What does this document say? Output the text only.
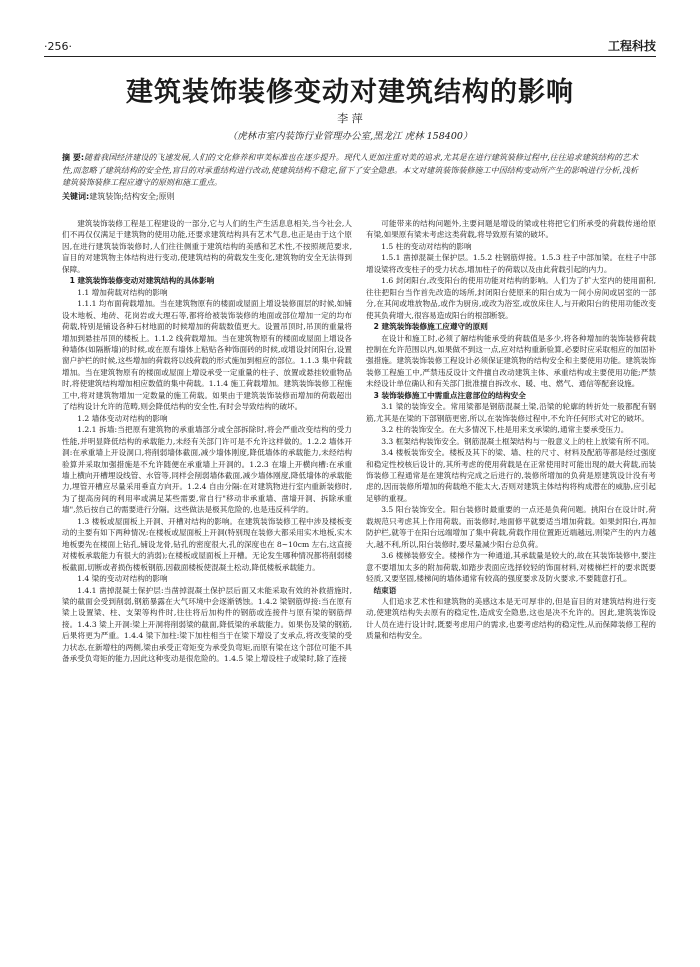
·256·	工程科技
建筑装饰装修变动对建筑结构的影响
李 萍
（虎林市室内装饰行业管理办公室,黑龙江 虎林 158400）
摘 要:随着我国经济建设的飞速发展,人们的文化修养和审美标准也在逐步提升。现代人更加注重对美的追求,尤其是在进行建筑装修过程中,往往追求建筑结构的艺术性,而忽略了建筑结构的安全性,盲目的对承重结构进行改动,使建筑结构不稳定,留下了安全隐患。本文对建筑装饰装修施工中因结构变动所产生的影响进行分析,浅析建筑装饰装修工程应遵守的原则和施工重点。
关键词:建筑装饰;结构安全;原则

建筑装饰装修工程是工程建设的一部分,它与人们的生产生活息息相关,当今社会,人们不再仅仅满足于建筑物的使用功能,还要求建筑结构具有艺术气息,也正是由于这个原因,在进行建筑装饰装修时,人们往往侧重于建筑结构的美感和艺术性,不按照规范要求,盲目的对建筑物主体结构进行变动,使建筑结构的荷载发生变化,建筑物的安全无法得到保障。

1 建筑装饰装修变动对建筑结构的具体影响

1.1 增加荷载对结构的影响

1.1.1 均布面荷载增加。当在建筑物原有的楼面或屋面上增设装修面层的时候,如铺设木地板、地砖、花岗岩或大理石等,都将给被装饰装修的地面或部位增加一定的均布荷载,特别是铺设各种石材地面的时候增加的荷载数值更大。设置吊顶时,吊顶的重量将增加到悬挂吊顶的楼板上。1.1.2 线荷载增加。当在建筑物原有的楼面或屋面上增设各种墙体(如隔断墙)的时候,或在原有墙体上粘贴各种饰面砖的时候,或增设封闭阳台,设置窗户护栏的时候,这些增加的荷载将以线荷载的形式施加到相应的部位。1.1.3 集中荷载增加。当在建筑物原有的楼面或屋面上增设承受一定重量的柱子、放置或悬挂较重物品时,将使建筑结构增加相应数值的集中荷载。1.1.4 施工荷载增加。建筑装饰装修工程施工中,将对建筑物增加一定数量的施工荷载。如果由于建筑装饰装修而增加的荷载超出了结构设计允许的范畴,则会降低结构的安全性,有时会导致结构的破坏。

1.2 墙体变动对结构的影响

1.2.1 拆墙:当把原有建筑物的承重墙部分或全部拆除时,将会严重改变结构的受力性能,并明显降低结构的承载能力,未经有关部门许可是不允许这样做的。1.2.2 墙体开洞:在承重墙上开设洞口,将削弱墙体截面,减少墙体刚度,降低墙体的承载能力,未经结构验算并采取加强措施是不允许随便在承重墙上开洞的。1.2.3 在墙上开横向槽:在承重墙上横向开槽埋设线管、水管等,同样会削弱墙体截面,减少墙体刚度,降低墙体的承载能力,埋管开槽应尽量采用垂直方向开。1.2.4 自由分隔:在对建筑物进行室内重新装修时,为了提高房间的利用率或满足某些需要,常自行"移动非承重墙、凿墙开洞、拆除承重墙",然后按自己的需要进行分隔。这些做法是极其危险的,也是违反科学的。

1.3 楼板或屋面板上开洞、开槽对结构的影响。在建筑装饰装修工程中涉及楼板变动的主要有如下两种情况:在楼板或屋面板上开洞(特别现在装修大都采用实木地板,实木地板要先在楼面上钻孔,铺设龙骨,钻孔的密度很大,孔的深度也在 8~10cm 左右,这直接对楼板承载能力有很大的消弱);在楼板或屋面板上开槽。无论发生哪种情况都将削弱楼板截面,切断或者损伤楼板钢筋,因截面楼板使混凝土松动,降低楼板承载能力。

1.4 梁的变动对结构的影响

1.4.1 凿掉混凝土保护层:当凿掉混凝土保护层后面又未能采取有效的补救措施时,梁的截面会受到削弱,钢筋暴露在大气环境中会逐渐锈蚀。1.4.2 梁钢筋焊接:当在原有梁上设置梁、柱、支架等构件时,往往将后加构件的钢筋或连接件与原有梁的钢筋焊接。1.4.3 梁上开洞:梁上开洞将削弱梁的截面,降低梁的承载能力。如果伤及梁的钢筋,后果将更为严重。1.4.4 梁下加柱:梁下加柱相当于在梁下增设了支承点,将改变梁的受力状态,在新增柱的两侧,梁由承受正弯矩变为承受负弯矩,而原有梁在这个部位可能不具备承受负弯矩的能力,因此这种变动是很危险的。1.4.5 梁上增设柱子或梁时,除了连接

可能带来的结构问题外,主要问题是增设的梁或柱将把它们所承受的荷载传递给原有梁,如果原有梁未考虑这类荷载,将导致原有梁的破坏。

1.5 柱的变动对结构的影响

1.5.1 凿掉混凝土保护层。1.5.2 柱钢筋焊接。1.5.3 柱子中部加梁。在柱子中部增设梁将改变柱子的受力状态,增加柱子的荷载以及由此荷载引起的内力。

1.6 封闭阳台,改变阳台的使用功能对结构的影响。人们为了扩大室内的使用面积,往往把阳台当作首先改造的场所,封闭阳台使原来的阳台成为一间小房间或居室的一部分,在其间或堆放物品,或作为厨房,或改为浴室,或放床住人,与开敞阳台的使用功能改变使其负荷增大,很容易造成阳台的根部断裂。

2 建筑装饰装修施工应遵守的原则

在设计和施工时,必须了解结构能承受的荷载值是多少,将各种增加的装饰装修荷载控制在允许范围以内,如果做不到这一点,应对结构重新验算,必要时应采取相应的加固补强措施。建筑装饰装修工程设计必须保证建筑物的结构安全和主要使用功能。建筑装饰装修工程施工中,严禁违反设计文件擅自改动建筑主体、承重结构或主要使用功能;严禁未经设计单位确认和有关部门批准擅自拆改水、暖、电、燃气、通信等配套设施。

3 装饰装修施工中需重点注意部位的结构安全

3.1 梁的装饰安全。常用梁都是钢筋混凝土梁,沿梁的轮廓的转折处一般都配有钢筋,尤其是在梁的下部钢筋更密,所以,在装饰装修过程中,不允许任何形式对它的破坏。

3.2 柱的装饰安全。在大多情况下,柱是用来支承梁的,通常主要承受压力。

3.3 框架结构装饰安全。钢筋混凝土框架结构与一般意义上的柱上放梁有所不同。

3.4 楼板装饰安全。楼板及其下的梁、墙、柱的尺寸、材料及配筋等都是经过强度和稳定性校核后设计的,其所考虑的使用荷载是在正常使用时可能出现的最大荷载,而装饰装修工程通常是在建筑结构完成之后进行的,装修所增加的负荷是原建筑设计没有考虑的,因而装修所增加的荷载绝不能太大,否则对建筑主体结构将构成潜在的威胁,应引起足够的重视。

3.5 阳台装饰安全。阳台装修时最重要的一点还是负荷问题。挑阳台在设计时,荷载规范只考虑其上作用荷载。而装修时,地面修平就要适当增加荷载。如果封阳台,再加防护栏,就等于在阳台远端增加了集中荷载,荷载作用位置距近端越远,则梁产生的内力越大,越不利,所以,阳台装修时,要尽量减少阳台总负荷。

3.6 楼梯装修安全。楼梯作为一种通道,其承载量是较大的,故在其装饰装修中,要注意不要增加太多的附加荷载,如踏步表面应选择较轻的饰面材料,对楼梯栏杆的要求既要轻质,又要坚固,楼梯间的墙体通常有较高的强度要求及防火要求,不要随意打孔。

结束语

人们追求艺术性和建筑物的美感这本是无可厚非的,但是盲目的对建筑结构进行变动,使建筑结构失去原有的稳定性,造成安全隐患,这也是决不允许的。因此,建筑装饰设计人员在进行设计时,既要考虑用户的需求,也要考虑结构的稳定性,从而保障装修工程的质量和结构安全。
